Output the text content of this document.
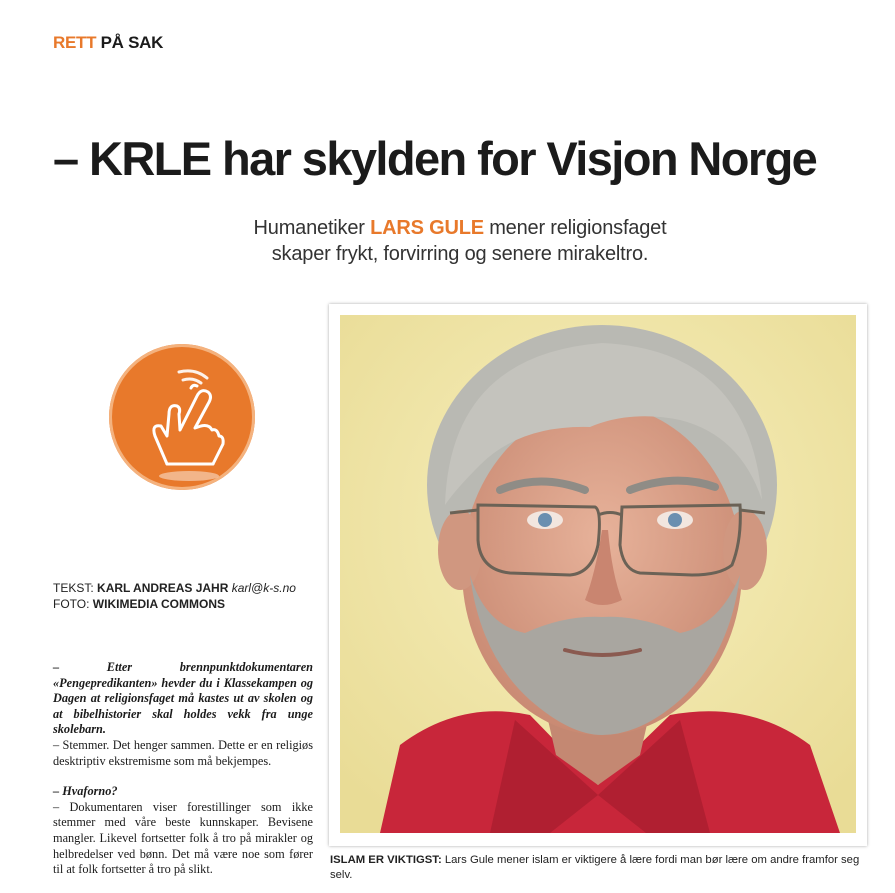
RETT PÅ SAK
– KRLE har skylden for Visjon Norge
Humanetiker LARS GULE mener religionsfaget
skaper frykt, forvirring og senere mirakeltro.
TEKST: KARL ANDREAS JAHR karl@k-s.no
FOTO: WIKIMEDIA COMMONS

– Etter brennpunktdokumentaren «Pengepredikanten» hevder du i Klassekampen og Dagen at religionsfaget må kastes ut av skolen og at bibelhistorier skal holdes vekk fra unge skolebarn.
– Stemmer. Det henger sammen. Dette er en religiøs desktriptiv ekstremisme som må bekjempes.

– Hvaforno?
– Dokumentaren viser forestillinger som ikke stemmer med våre beste kunnskaper. Bevisene mangler. Likevel fortsetter folk å tro på mirakler og helbredelser ved bønn. Det må være noe som fører til at folk fortsetter å tro på slikt.

ISLAM ER VIKTIGST: Lars Gule mener islam er viktigere å lære fordi man bør lære om andre framfor seg selv.
